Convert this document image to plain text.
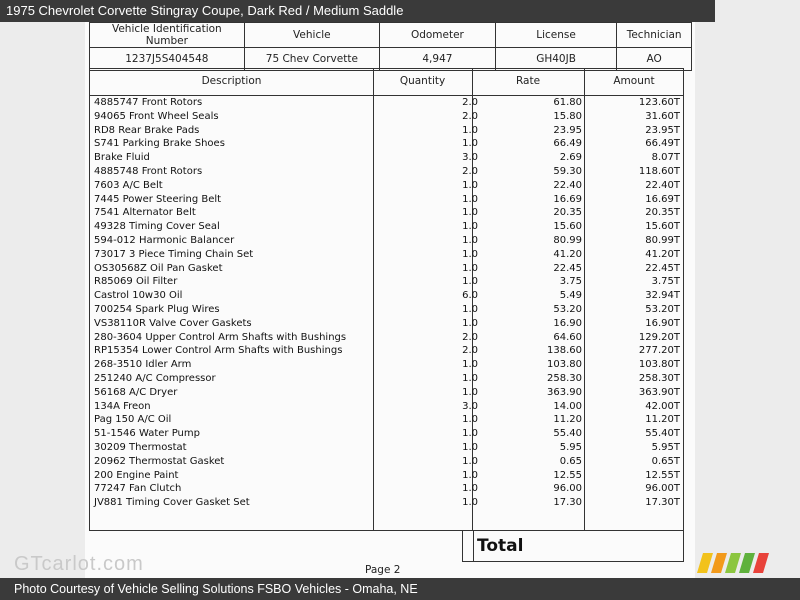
1975 Chevrolet Corvette Stingray Coupe, Dark Red / Medium Saddle
Vehicle Identification Number	Vehicle	Odometer	License	Technician
1237J5S404548	75 Chev Corvette	4,947	GH40JB	AO
Description	Quantity	Rate	Amount
4885747 Front Rotors	2.0	61.80	123.60T
94065 Front Wheel Seals	2.0	15.80	31.60T
RD8 Rear Brake Pads	1.0	23.95	23.95T
S741 Parking Brake Shoes	1.0	66.49	66.49T
Brake Fluid	3.0	2.69	8.07T
4885748 Front Rotors	2.0	59.30	118.60T
7603 A/C Belt	1.0	22.40	22.40T
7445 Power Steering Belt	1.0	16.69	16.69T
7541 Alternator Belt	1.0	20.35	20.35T
49328 Timing Cover Seal	1.0	15.60	15.60T
594-012 Harmonic Balancer	1.0	80.99	80.99T
73017 3 Piece Timing Chain Set	1.0	41.20	41.20T
OS30568Z Oil Pan Gasket	1.0	22.45	22.45T
R85069 Oil Filter	1.0	3.75	3.75T
Castrol 10w30 Oil	6.0	5.49	32.94T
700254 Spark Plug Wires	1.0	53.20	53.20T
VS38110R Valve Cover Gaskets	1.0	16.90	16.90T
280-3604 Upper Control Arm Shafts with Bushings	2.0	64.60	129.20T
RP15354 Lower Control Arm Shafts with Bushings	2.0	138.60	277.20T
268-3510 Idler Arm	1.0	103.80	103.80T
251240 A/C Compressor	1.0	258.30	258.30T
56168 A/C Dryer	1.0	363.90	363.90T
134A Freon	3.0	14.00	42.00T
Pag 150 A/C Oil	1.0	11.20	11.20T
51-1546 Water Pump	1.0	55.40	55.40T
30209 Thermostat	1.0	5.95	5.95T
20962 Thermostat Gasket	1.0	0.65	0.65T
200 Engine Paint	1.0	12.55	12.55T
77247 Fan Clutch	1.0	96.00	96.00T
JV881 Timing Cover Gasket Set	1.0	17.30	17.30T
Total
Page 2
GTcarlot.com
Photo Courtesy of Vehicle Selling Solutions FSBO Vehicles - Omaha, NE
